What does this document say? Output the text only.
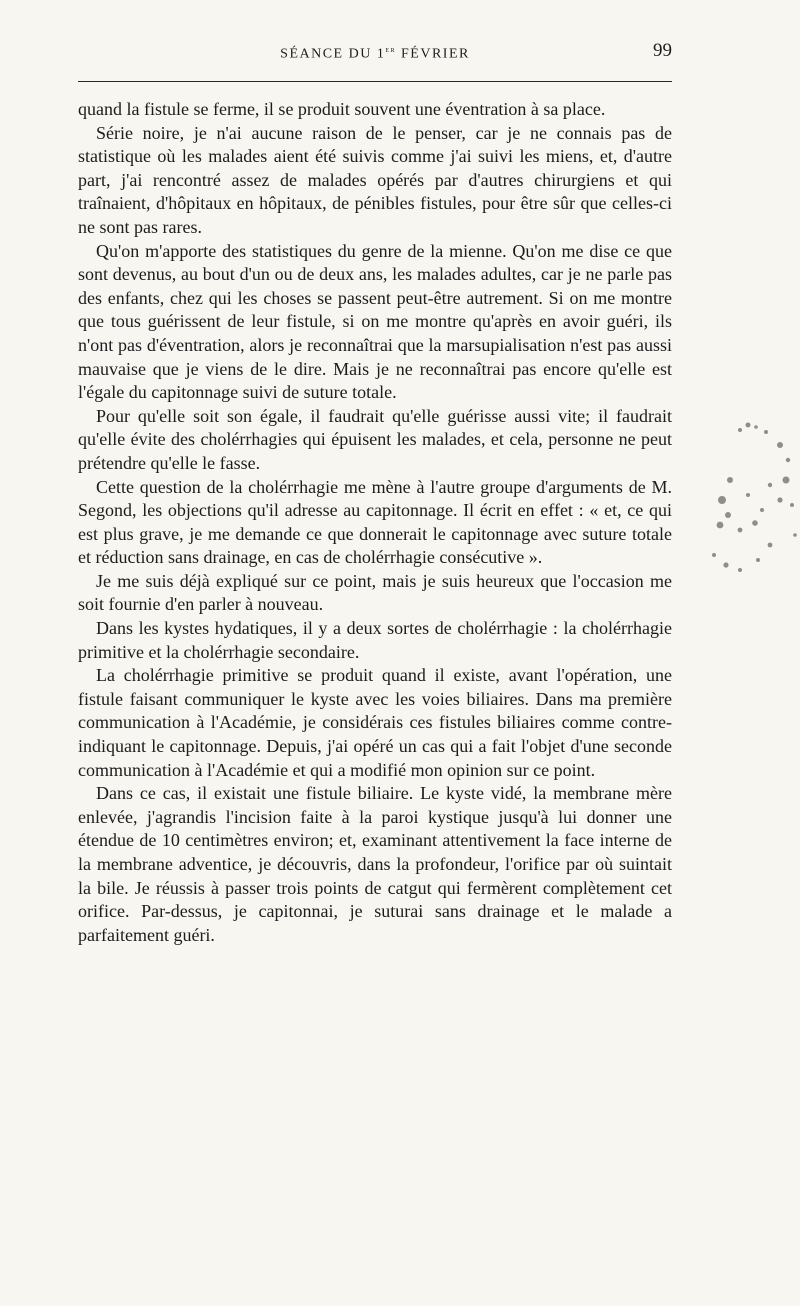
SÉANCE DU 1er FÉVRIER	99

quand la fistule se ferme, il se produit souvent une éventration à sa place.

Série noire, je n'ai aucune raison de le penser, car je ne connais pas de statistique où les malades aient été suivis comme j'ai suivi les miens, et, d'autre part, j'ai rencontré assez de malades opérés par d'autres chirurgiens et qui traînaient, d'hôpitaux en hôpitaux, de pénibles fistules, pour être sûr que celles-ci ne sont pas rares.

Qu'on m'apporte des statistiques du genre de la mienne. Qu'on me dise ce que sont devenus, au bout d'un ou de deux ans, les malades adultes, car je ne parle pas des enfants, chez qui les choses se passent peut-être autrement. Si on me montre que tous guérissent de leur fistule, si on me montre qu'après en avoir guéri, ils n'ont pas d'éventration, alors je reconnaîtrai que la marsupialisation n'est pas aussi mauvaise que je viens de le dire. Mais je ne reconnaîtrai pas encore qu'elle est l'égale du capitonnage suivi de suture totale.

Pour qu'elle soit son égale, il faudrait qu'elle guérisse aussi vite; il faudrait qu'elle évite des cholérrhagies qui épuisent les malades, et cela, personne ne peut prétendre qu'elle le fasse.

Cette question de la cholérrhagie me mène à l'autre groupe d'arguments de M. Segond, les objections qu'il adresse au capitonnage. Il écrit en effet : « et, ce qui est plus grave, je me demande ce que donnerait le capitonnage avec suture totale et réduction sans drainage, en cas de cholérrhagie consécutive ».

Je me suis déjà expliqué sur ce point, mais je suis heureux que l'occasion me soit fournie d'en parler à nouveau.

Dans les kystes hydatiques, il y a deux sortes de cholérrhagie : la cholérrhagie primitive et la cholérrhagie secondaire.

La cholérrhagie primitive se produit quand il existe, avant l'opération, une fistule faisant communiquer le kyste avec les voies biliaires. Dans ma première communication à l'Académie, je considérais ces fistules biliaires comme contre-indiquant le capitonnage. Depuis, j'ai opéré un cas qui a fait l'objet d'une seconde communication à l'Académie et qui a modifié mon opinion sur ce point.

Dans ce cas, il existait une fistule biliaire. Le kyste vidé, la membrane mère enlevée, j'agrandis l'incision faite à la paroi kystique jusqu'à lui donner une étendue de 10 centimètres environ; et, examinant attentivement la face interne de la membrane adventice, je découvris, dans la profondeur, l'orifice par où suintait la bile. Je réussis à passer trois points de catgut qui fermèrent complètement cet orifice. Par-dessus, je capitonnai, je suturai sans drainage et le malade a parfaitement guéri.
